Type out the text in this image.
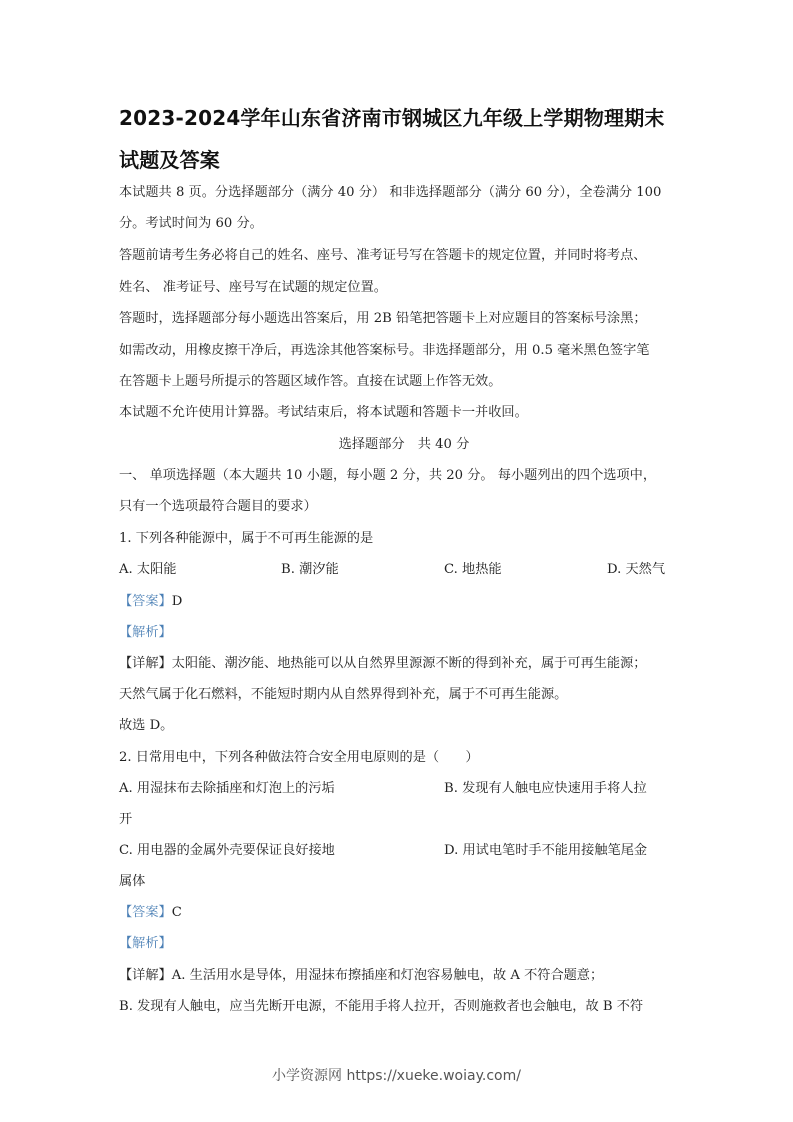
2023-2024学年山东省济南市钢城区九年级上学期物理期末
试题及答案
本试题共 8 页。分选择题部分（满分 40 分） 和非选择题部分（满分 60 分），全卷满分 100
分。考试时间为 60 分。
答题前请考生务必将自己的姓名、座号、准考证号写在答题卡的规定位置，并同时将考点、
姓名、 准考证号、座号写在试题的规定位置。
答题时，选择题部分每小题选出答案后，用 2B 铅笔把答题卡上对应题目的答案标号涂黑；
如需改动，用橡皮擦干净后，再选涂其他答案标号。非选择题部分，用 0.5 毫米黑色签字笔
在答题卡上题号所提示的答题区域作答。直接在试题上作答无效。
本试题不允许使用计算器。考试结束后，将本试题和答题卡一并收回。
选择题部分　共 40 分
一、 单项选择题（本大题共 10 小题，每小题 2 分，共 20 分。 每小题列出的四个选项中，
只有一个选项最符合题目的要求）
1. 下列各种能源中，属于不可再生能源的是
A. 太阳能	B. 潮汐能	C. 地热能	D. 天然气
【答案】D
【解析】
【详解】太阳能、潮汐能、地热能可以从自然界里源源不断的得到补充，属于可再生能源；
天然气属于化石燃料，不能短时期内从自然界得到补充，属于不可再生能源。
故选 D。
2. 日常用电中，下列各种做法符合安全用电原则的是（　　）
A. 用湿抹布去除插座和灯泡上的污垢	B. 发现有人触电应快速用手将人拉
开
C. 用电器的金属外壳要保证良好接地	D. 用试电笔时手不能用接触笔尾金
属体
【答案】C
【解析】
【详解】A. 生活用水是导体，用湿抹布擦插座和灯泡容易触电，故 A 不符合题意；
B. 发现有人触电，应当先断开电源，不能用手将人拉开，否则施救者也会触电，故 B 不符
小学资源网 https://xueke.woiay.com/
